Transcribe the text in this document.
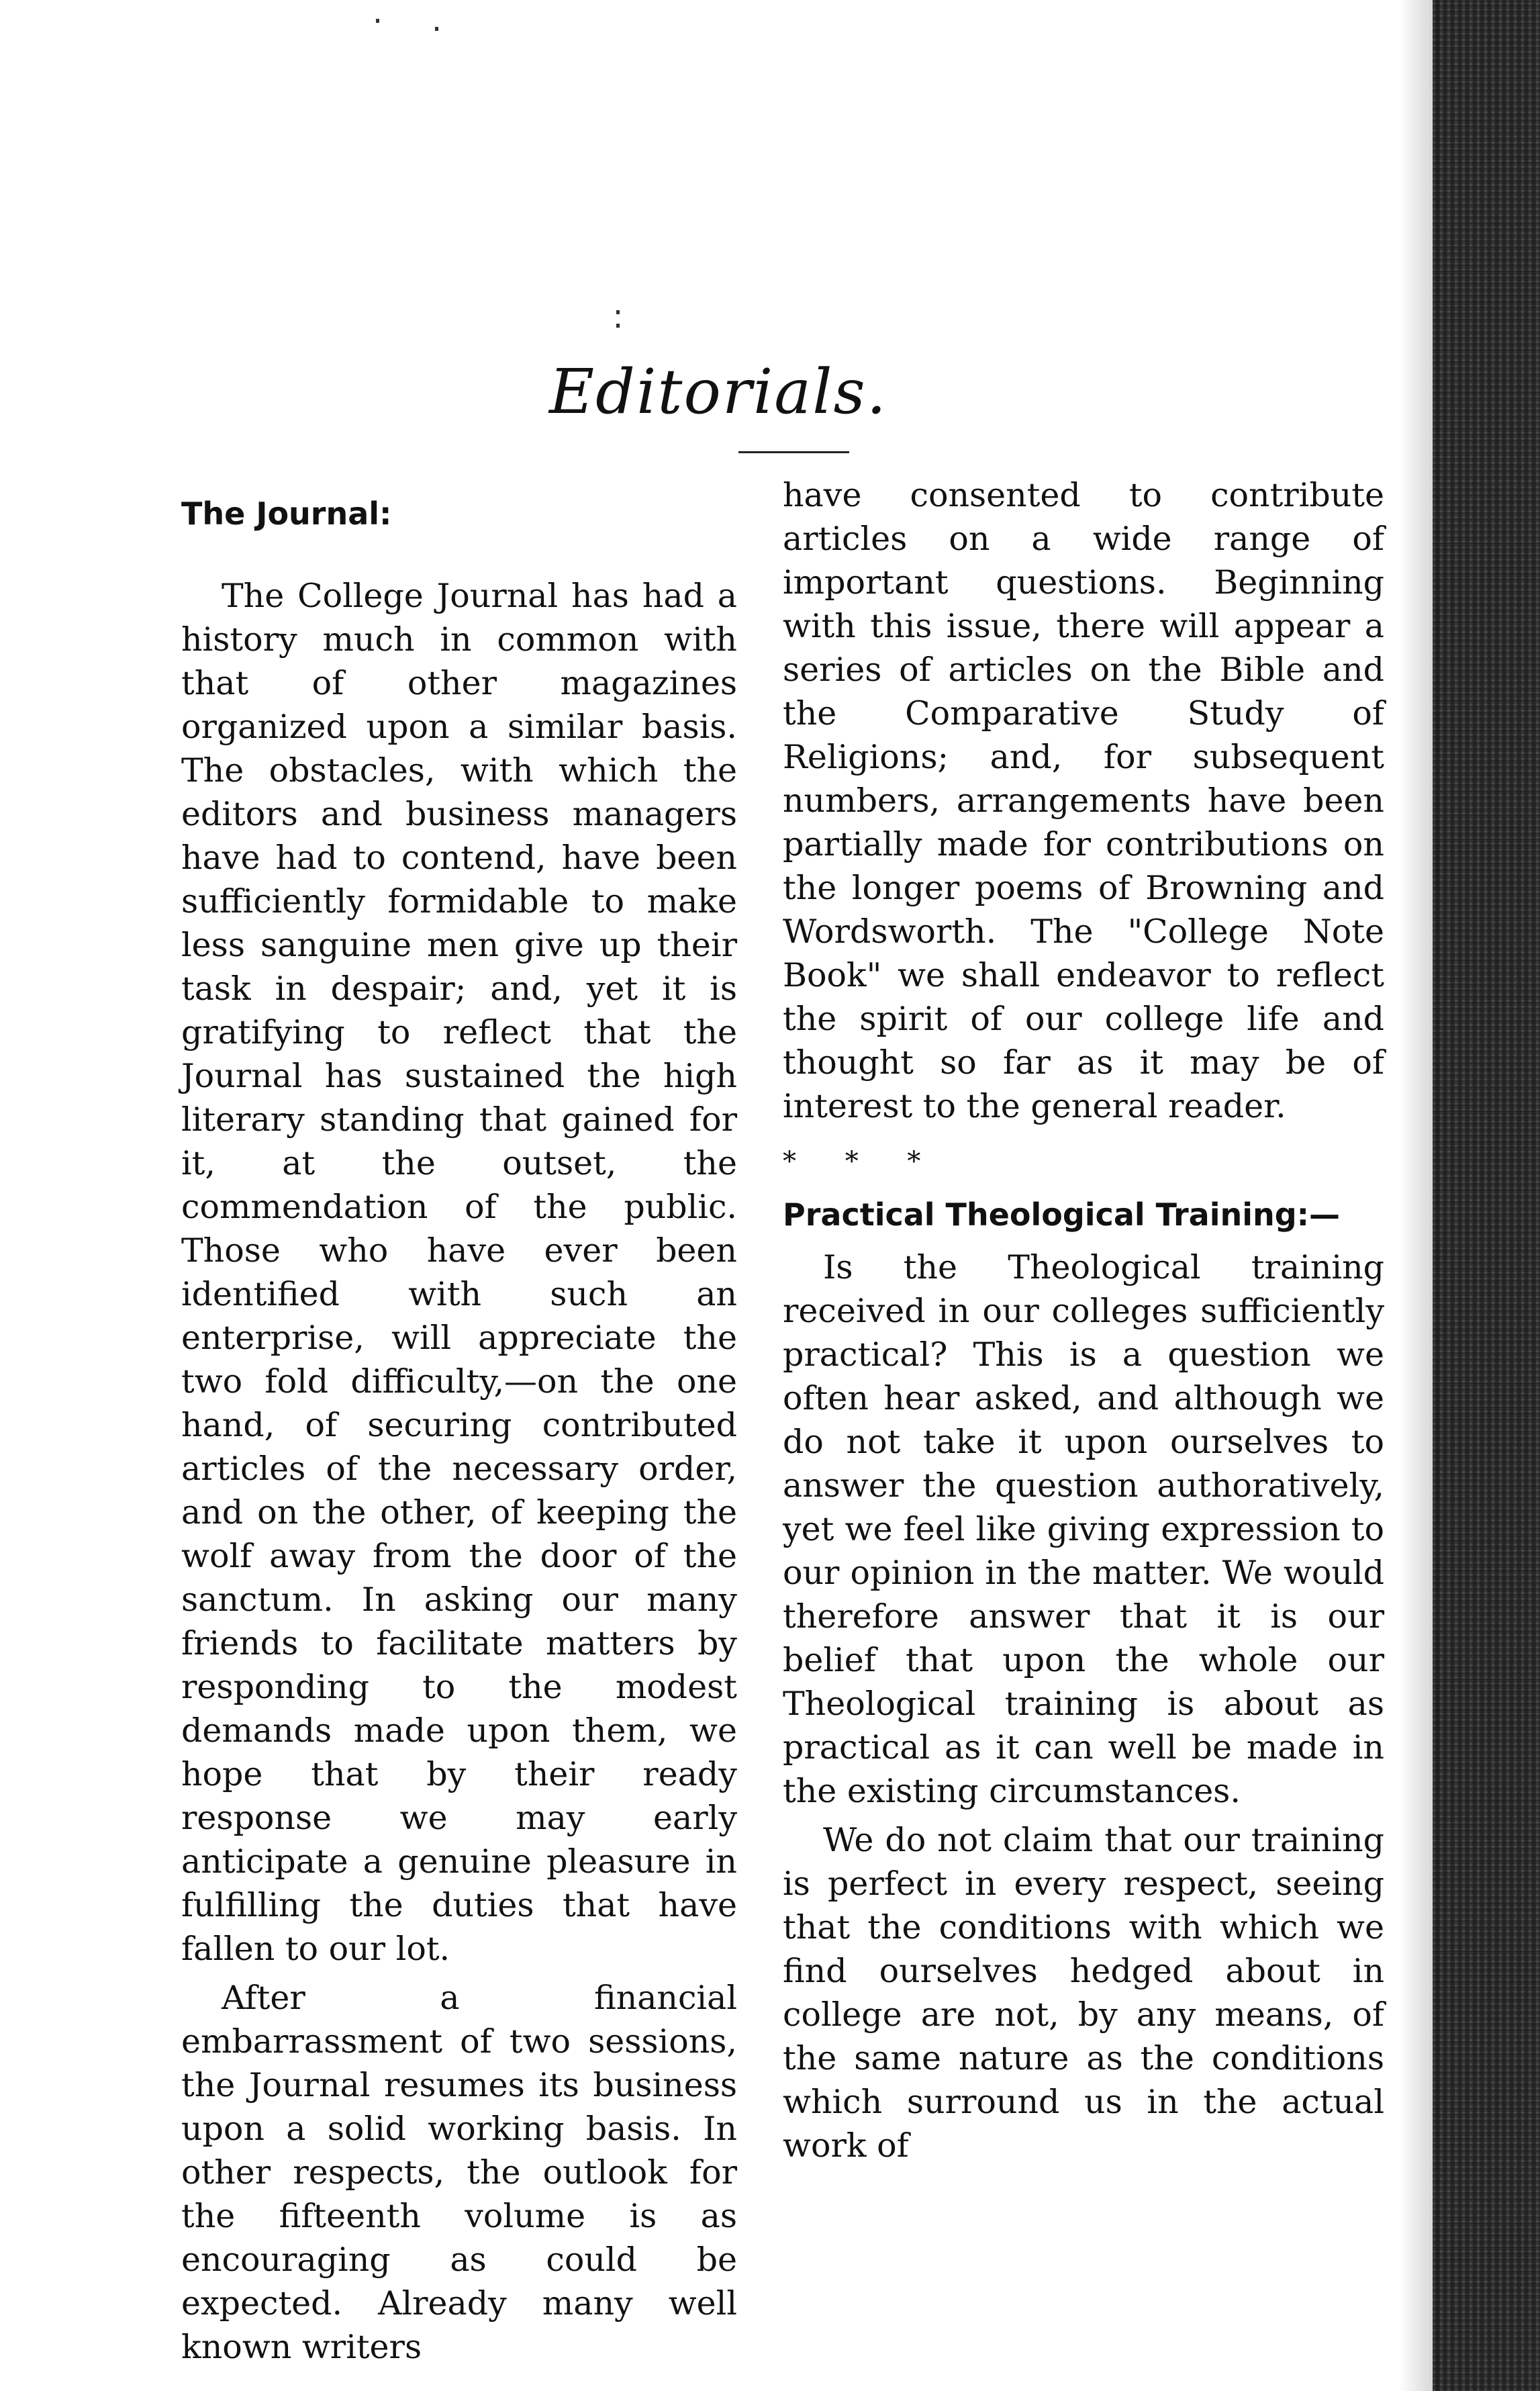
Editorials.

The Journal:

The College Journal has had a history much in common with that of other magazines organized upon a similar basis. The obstacles, with which the editors and business managers have had to contend, have been sufficiently formidable to make less sanguine men give up their task in despair; and, yet it is gratifying to reflect that the Journal has sustained the high literary standing that gained for it, at the outset, the commendation of the public. Those who have ever been identified with such an enterprise, will appreciate the two fold difficulty,—on the one hand, of securing contributed articles of the necessary order, and on the other, of keeping the wolf away from the door of the sanctum. In asking our many friends to facilitate matters by responding to the modest demands made upon them, we hope that by their ready response we may early anticipate a genuine pleasure in fulfilling the duties that have fallen to our lot.

After a financial embarrassment of two sessions, the Journal resumes its business upon a solid working basis. In other respects, the outlook for the fifteenth volume is as encouraging as could be expected. Already many well known writers

have consented to contribute articles on a wide range of important questions. Beginning with this issue, there will appear a series of articles on the Bible and the Comparative Study of Religions; and, for subsequent numbers, arrangements have been partially made for contributions on the longer poems of Browning and Wordsworth. The "College Note Book" we shall endeavor to reflect the spirit of our college life and thought so far as it may be of interest to the general reader.

* * *

Practical Theological Training:—

Is the Theological training received in our colleges sufficiently practical? This is a question we often hear asked, and although we do not take it upon ourselves to answer the question authoratively, yet we feel like giving expression to our opinion in the matter. We would therefore answer that it is our belief that upon the whole our Theological training is about as practical as it can well be made in the existing circumstances.

We do not claim that our training is perfect in every respect, seeing that the conditions with which we find ourselves hedged about in college are not, by any means, of the same nature as the conditions which surround us in the actual work of
